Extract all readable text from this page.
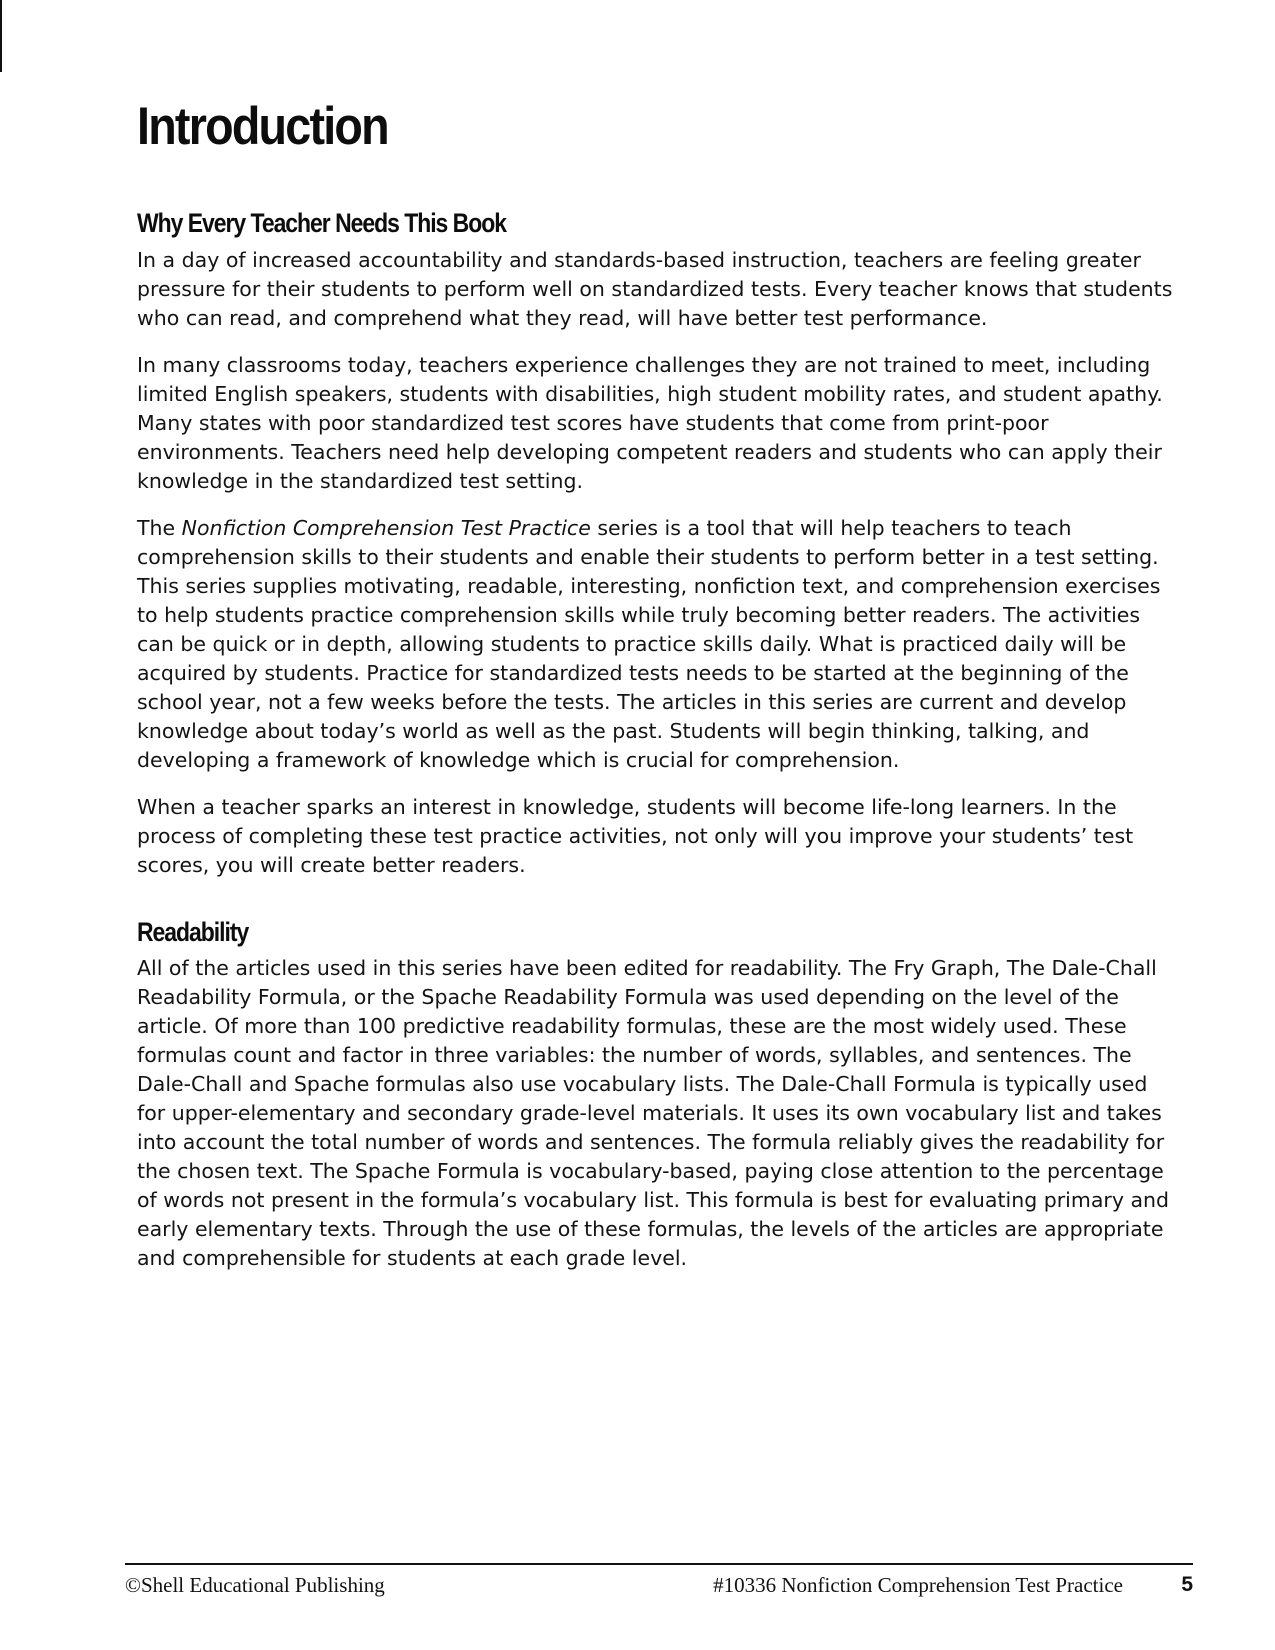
Introduction
Why Every Teacher Needs This Book

In a day of increased accountability and standards-based instruction, teachers are feeling greater pressure for their students to perform well on standardized tests. Every teacher knows that students who can read, and comprehend what they read, will have better test performance.

In many classrooms today, teachers experience challenges they are not trained to meet, including limited English speakers, students with disabilities, high student mobility rates, and student apathy. Many states with poor standardized test scores have students that come from print-poor environments. Teachers need help developing competent readers and students who can apply their knowledge in the standardized test setting.

The Nonfiction Comprehension Test Practice series is a tool that will help teachers to teach comprehension skills to their students and enable their students to perform better in a test setting. This series supplies motivating, readable, interesting, nonfiction text, and comprehension exercises to help students practice comprehension skills while truly becoming better readers. The activities can be quick or in depth, allowing students to practice skills daily. What is practiced daily will be acquired by students. Practice for standardized tests needs to be started at the beginning of the school year, not a few weeks before the tests. The articles in this series are current and develop knowledge about today’s world as well as the past. Students will begin thinking, talking, and developing a framework of knowledge which is crucial for comprehension.

When a teacher sparks an interest in knowledge, students will become life-long learners. In the process of completing these test practice activities, not only will you improve your students’ test scores, you will create better readers.

Readability

All of the articles used in this series have been edited for readability. The Fry Graph, The Dale-Chall Readability Formula, or the Spache Readability Formula was used depending on the level of the article. Of more than 100 predictive readability formulas, these are the most widely used. These formulas count and factor in three variables: the number of words, syllables, and sentences. The Dale-Chall and Spache formulas also use vocabulary lists. The Dale-Chall Formula is typically used for upper-elementary and secondary grade-level materials. It uses its own vocabulary list and takes into account the total number of words and sentences. The formula reliably gives the readability for the chosen text. The Spache Formula is vocabulary-based, paying close attention to the percentage of words not present in the formula’s vocabulary list. This formula is best for evaluating primary and early elementary texts. Through the use of these formulas, the levels of the articles are appropriate and comprehensible for students at each grade level.

©Shell Educational Publishing	#10336 Nonfiction Comprehension Test Practice	5
